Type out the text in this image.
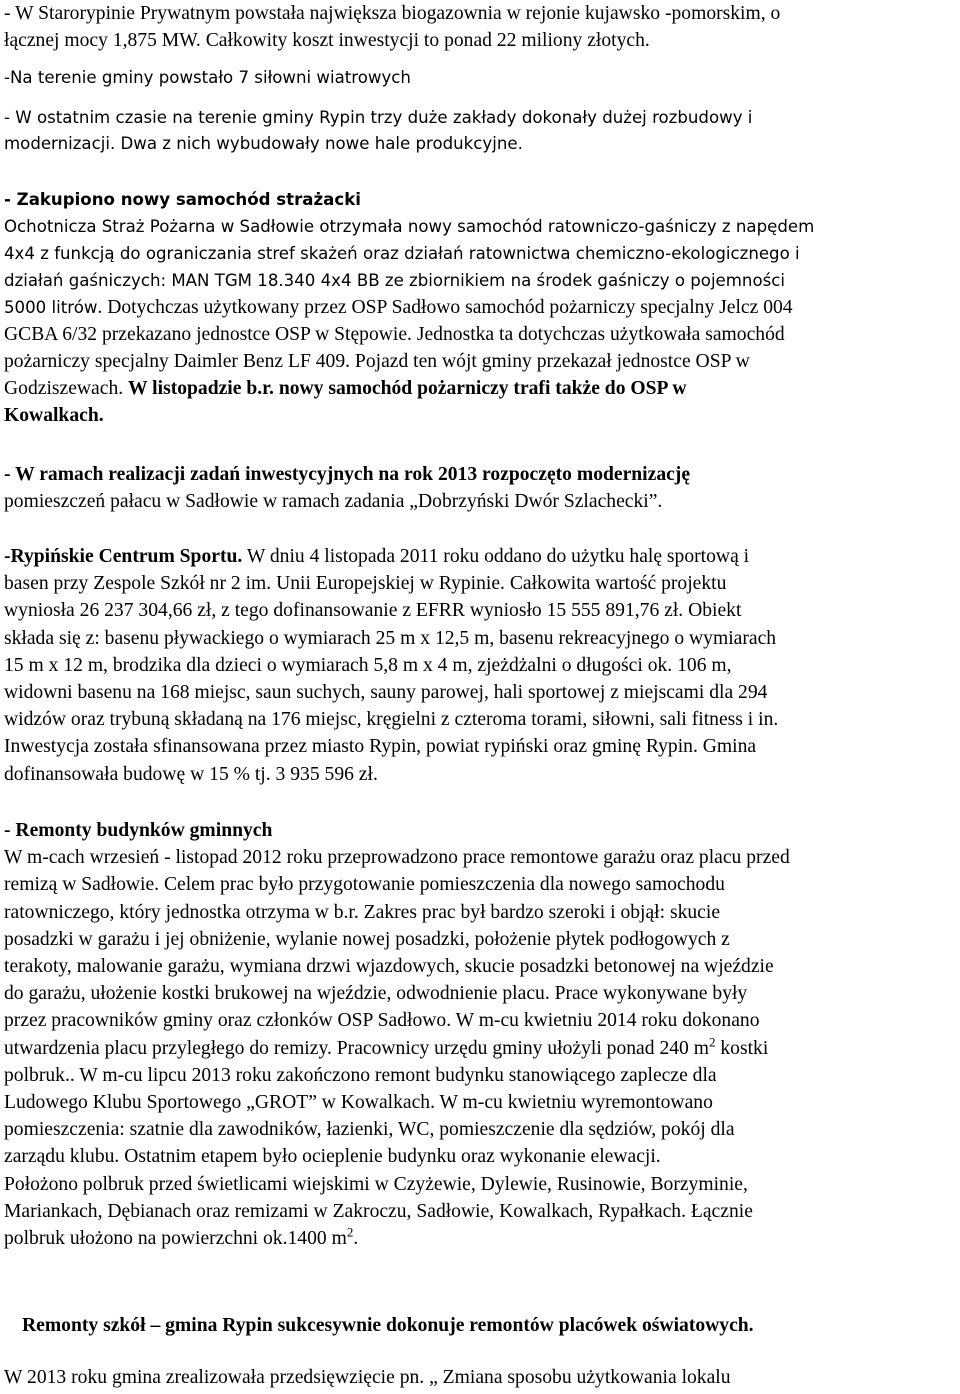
- W Starorypinie Prywatnym powstała największa biogazownia w rejonie kujawsko -pomorskim, o
łącznej mocy 1,875 MW. Całkowity koszt inwestycji to ponad 22 miliony złotych.
-Na terenie gminy powstało 7 siłowni wiatrowych
- W ostatnim czasie na terenie gminy Rypin trzy duże zakłady dokonały dużej rozbudowy i
modernizacji. Dwa z nich wybudowały nowe hale produkcyjne.
- Zakupiono nowy samochód strażacki
Ochotnicza Straż Pożarna w Sadłowie otrzymała nowy samochód ratowniczo-gaśniczy z napędem
4x4 z funkcją do ograniczania stref skażeń oraz działań ratownictwa chemiczno-ekologicznego i
działań gaśniczych: MAN TGM 18.340 4x4 BB ze zbiornikiem na środek gaśniczy o pojemności
5000 litrów. Dotychczas użytkowany przez OSP Sadłowo samochód pożarniczy specjalny Jelcz 004
GCBA 6/32 przekazano jednostce OSP w Stępowie. Jednostka ta dotychczas użytkowała samochód
pożarniczy specjalny Daimler Benz LF 409. Pojazd ten wójt gminy przekazał jednostce OSP w
Godziszewach. W listopadzie b.r. nowy samochód pożarniczy trafi także do OSP w
Kowalkach.
- W ramach realizacji zadań inwestycyjnych na rok 2013 rozpoczęto modernizację
pomieszczeń pałacu w Sadłowie w ramach zadania „Dobrzyński Dwór Szlachecki”.
-Rypińskie Centrum Sportu. W dniu 4 listopada 2011 roku oddano do użytku halę sportową i
basen przy Zespole Szkół nr 2 im. Unii Europejskiej w Rypinie. Całkowita wartość projektu
wyniosła 26 237 304,66 zł, z tego dofinansowanie z EFRR wyniosło 15 555 891,76 zł. Obiekt
składa się z: basenu pływackiego o wymiarach 25 m x 12,5 m, basenu rekreacyjnego o wymiarach
15 m x 12 m, brodzika dla dzieci o wymiarach 5,8 m x 4 m, zjeżdżalni o długości ok. 106 m,
widowni basenu na 168 miejsc, saun suchych, sauny parowej, hali sportowej z miejscami dla 294
widzów oraz trybuną składaną na 176 miejsc, kręgielni z czteroma torami, siłowni, sali fitness i in.
Inwestycja została sfinansowana przez miasto Rypin, powiat rypiński oraz gminę Rypin. Gmina
dofinansowała budowę w 15 % tj. 3 935 596 zł.
- Remonty budynków gminnych
W m-cach wrzesień - listopad 2012 roku przeprowadzono prace remontowe garażu oraz placu przed
remizą w Sadłowie. Celem prac było przygotowanie pomieszczenia dla nowego samochodu
ratowniczego, który jednostka otrzyma w b.r. Zakres prac był bardzo szeroki i objął: skucie
posadzki w garażu i jej obniżenie, wylanie nowej posadzki, położenie płytek podłogowych z
terakoty, malowanie garażu, wymiana drzwi wjazdowych, skucie posadzki betonowej na wjeździe
do garażu, ułożenie kostki brukowej na wjeździe, odwodnienie placu. Prace wykonywane były
przez pracowników gminy oraz członków OSP Sadłowo. W m-cu kwietniu 2014 roku dokonano
utwardzenia placu przyległego do remizy. Pracownicy urzędu gminy ułożyli ponad 240 $m^2$ kostki
polbruk.. W m-cu lipcu 2013 roku zakończono remont budynku stanowiącego zaplecze dla
Ludowego Klubu Sportowego „GROT” w Kowalkach. W m-cu kwietniu wyremontowano
pomieszczenia: szatnie dla zawodników, łazienki, WC, pomieszczenie dla sędziów, pokój dla
zarządu klubu. Ostatnim etapem było ocieplenie budynku oraz wykonanie elewacji.
Położono polbruk przed świetlicami wiejskimi w Czyżewie, Dylewie, Rusinowie, Borzyminie,
Mariankach, Dębianach oraz remizami w Zakroczu, Sadłowie, Kowalkach, Rypałkach. Łącznie
polbruk ułożono na powierzchni ok.1400 $m^2$.
Remonty szkół – gmina Rypin sukcesywnie dokonuje remontów placówek oświatowych.
W 2013 roku gmina zrealizowała przedsięwzięcie pn. „ Zmiana sposobu użytkowania lokalu
